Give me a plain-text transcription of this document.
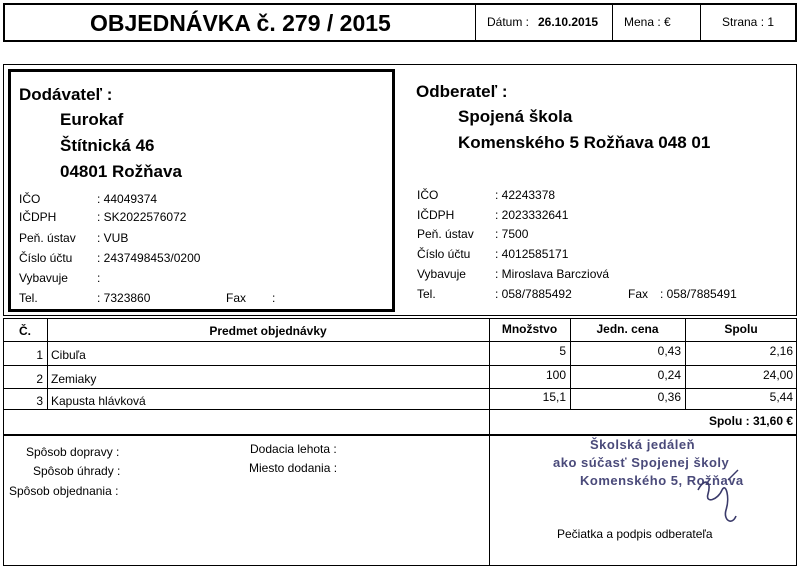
OBJEDNÁVKA č. 279 / 2015	Dátum : 26.10.2015 Mena : €	Strana : 1
Dodávateľ :
Eurokaf
Štítnická 46
04801 Rožňava
IČO	: 44049374
IČDPH	: SK2022576072
Peň. ústav : VUB
Číslo účtu : 2437498453/0200
Vybavuje :
Tel.	: 7323860	Fax :
Odberateľ :
Spojená škola
Komenského 5 Rožňava 048 01
IČO	: 42243378
IČDPH	: 2023332641
Peň. ústav : 7500
Číslo účtu : 4012585171
Vybavuje : Miroslava Barcziová
Tel.	: 058/7885492	Fax : 058/7885491
Č.	Predmet objednávky	Množstvo	Jedn. cena	Spolu
1 Cibuľa	5	0,43	2,16
2 Zemiaky	100	0,24	24,00
3 Kapusta hlávková	15,1	0,36	5,44
Spolu : 31,60 €
Spôsob dopravy :
Spôsob úhrady :
Spôsob objednania :
Dodacia lehota :
Miesto dodania :
Školská jedáleň
ako súčasť Spojenej školy
Komenského 5, Rožňava
Pečiatka a podpis odberateľa
